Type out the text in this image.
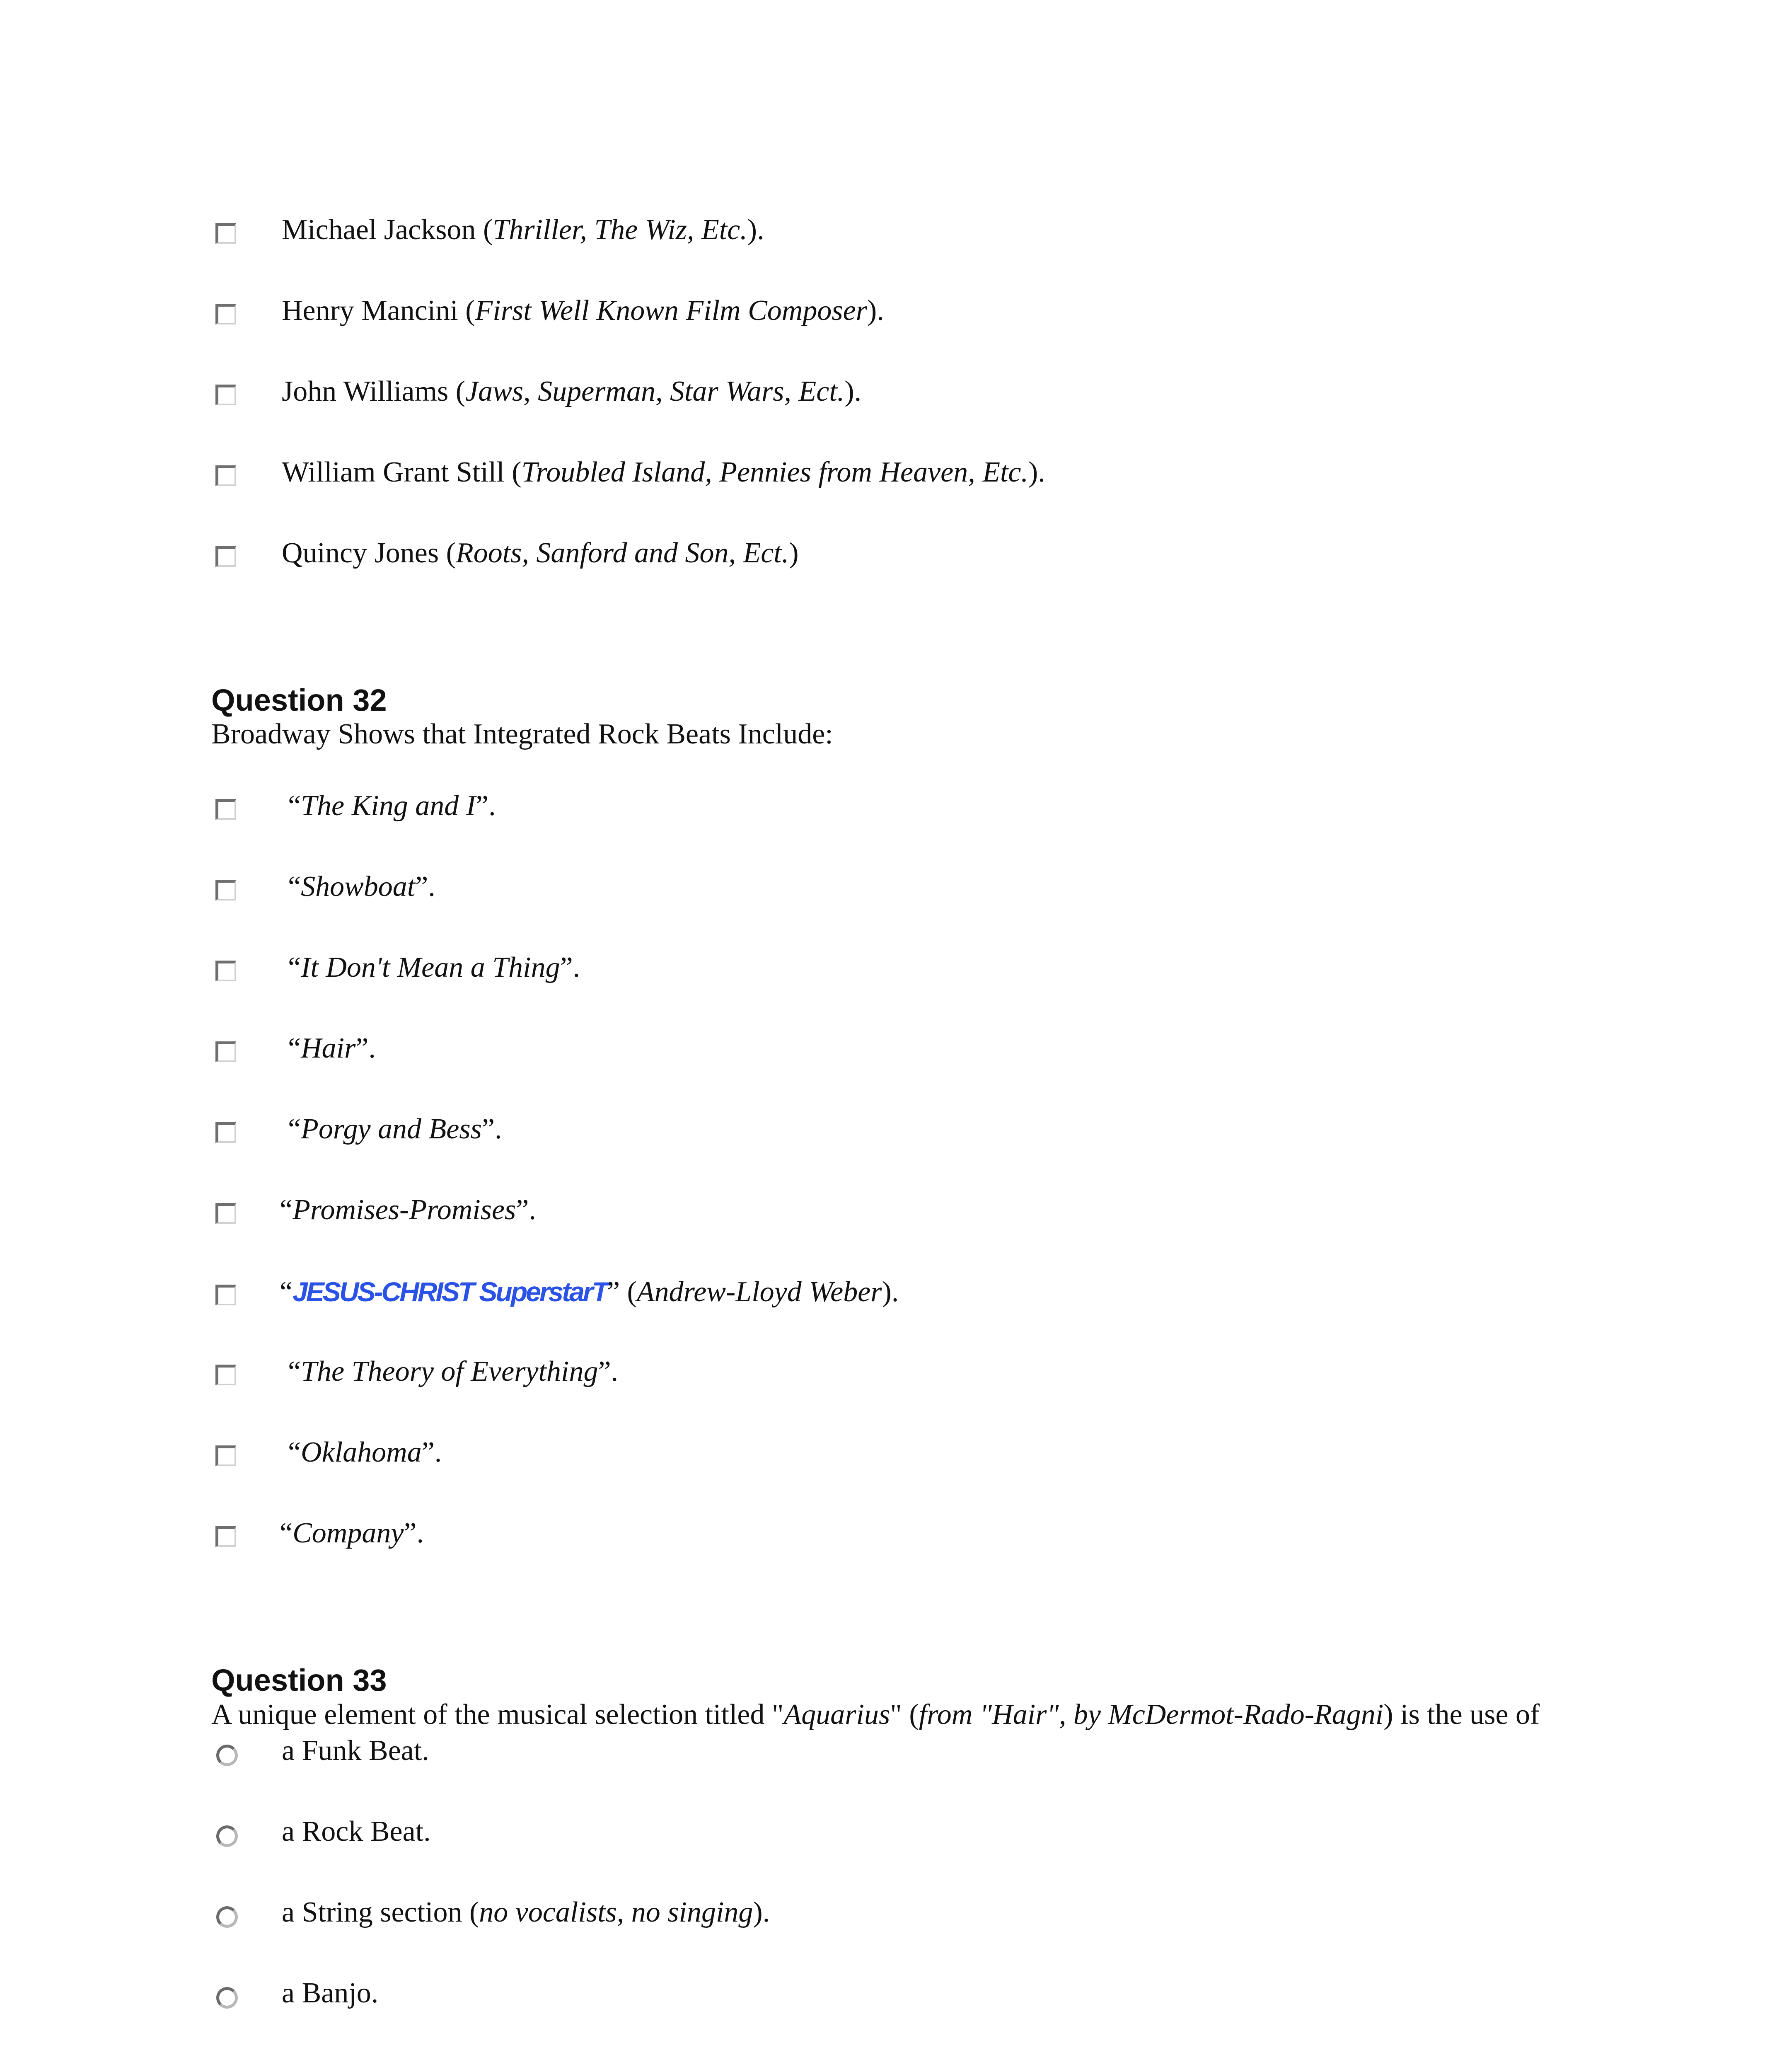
Michael Jackson (Thriller, The Wiz, Etc.).
Henry Mancini (First Well Known Film Composer).
John Williams (Jaws, Superman, Star Wars, Ect.).
William Grant Still (Troubled Island, Pennies from Heaven, Etc.).
Quincy Jones (Roots, Sanford and Son, Ect.)
Question 32
Broadway Shows that Integrated Rock Beats Include:
“The King and I”.
“Showboat”.
“It Don't Mean a Thing”.
“Hair”.
“Porgy and Bess”.
“Promises-Promises”.
“JESUS-CHRIST SuperstarT” (Andrew-Lloyd Weber).
“The Theory of Everything”.
“Oklahoma”.
“Company”.
Question 33
A unique element of the musical selection titled "Aquarius" (from "Hair", by McDermot-Rado-Ragni) is the use of
a Funk Beat.
a Rock Beat.
a String section (no vocalists, no singing).
a Banjo.
